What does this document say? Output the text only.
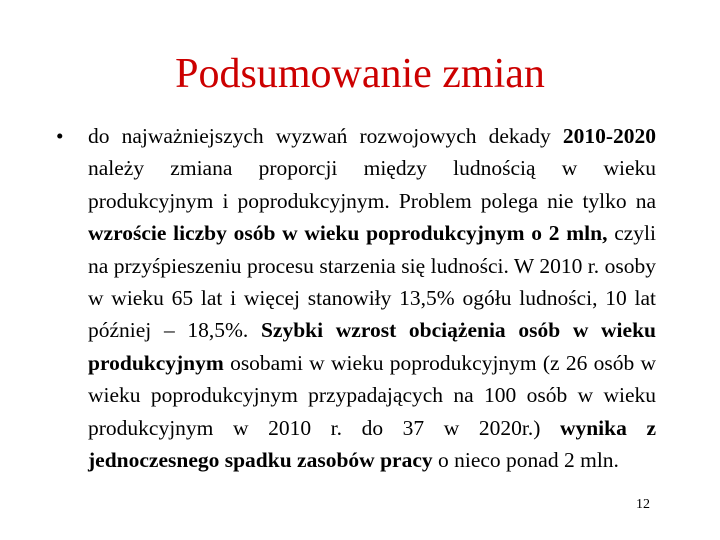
Podsumowanie zmian
• do najważniejszych wyzwań rozwojowych dekady 2010-2020 należy zmiana proporcji między ludnością w wieku produkcyjnym i poprodukcyjnym. Problem polega nie tylko na wzroście liczby osób w wieku poprodukcyjnym o 2 mln, czyli na przyśpieszeniu procesu starzenia się ludności. W 2010 r. osoby w wieku 65 lat i więcej stanowiły 13,5% ogółu ludności, 10 lat później – 18,5%. Szybki wzrost obciążenia osób w wieku produkcyjnym osobami w wieku poprodukcyjnym (z 26 osób w wieku poprodukcyjnym przypadających na 100 osób w wieku produkcyjnym w 2010 r. do 37 w 2020r.) wynika z jednoczesnego spadku zasobów pracy o nieco ponad 2 mln.
12
